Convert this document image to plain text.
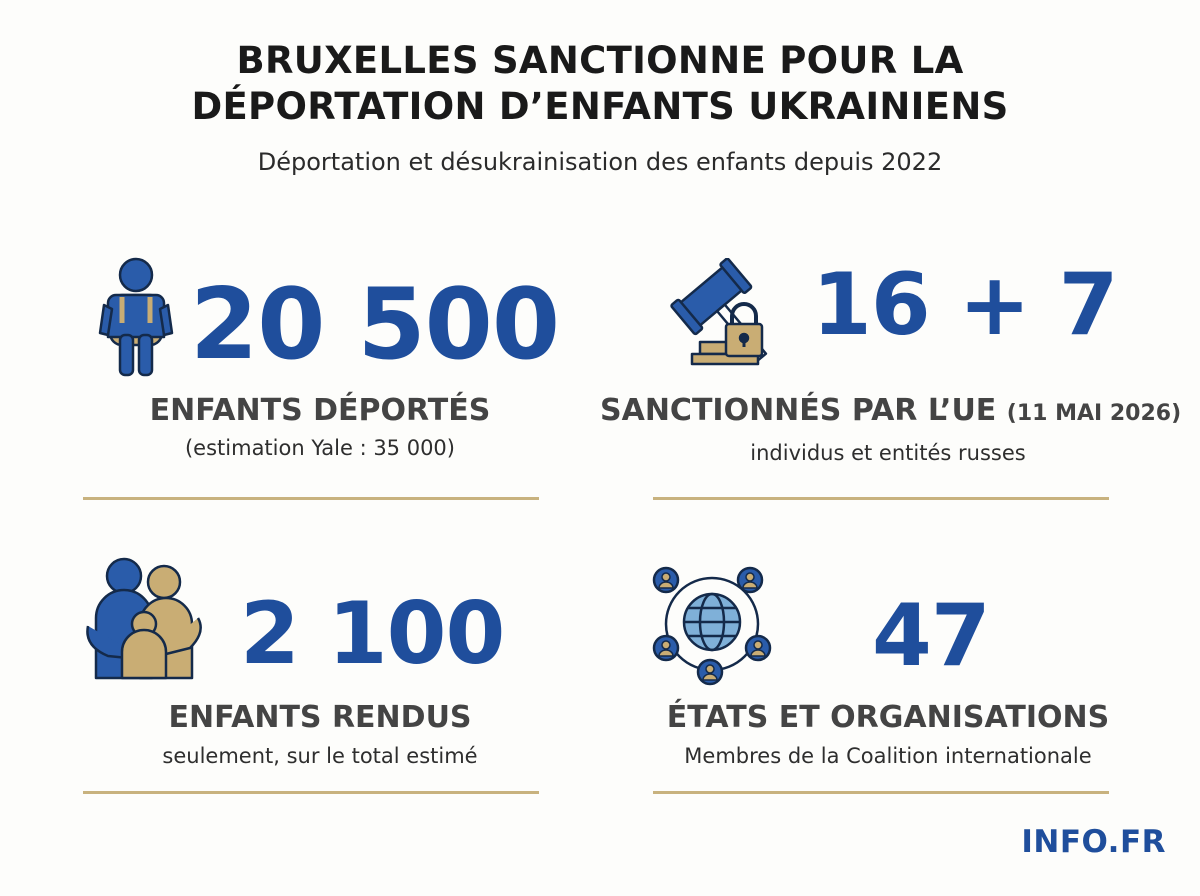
BRUXELLES SANCTIONNE POUR LA
DÉPORTATION D’ENFANTS UKRAINIENS
Déportation et désukrainisation des enfants depuis 2022
20 500
ENFANTS DÉPORTÉS
(estimation Yale : 35 000)
16 + 7
SANCTIONNÉS PAR L’UE (11 MAI 2026)
individus et entités russes
2 100
ENFANTS RENDUS
seulement, sur le total estimé
47
ÉTATS ET ORGANISATIONS
Membres de la Coalition internationale
INFO.FR
